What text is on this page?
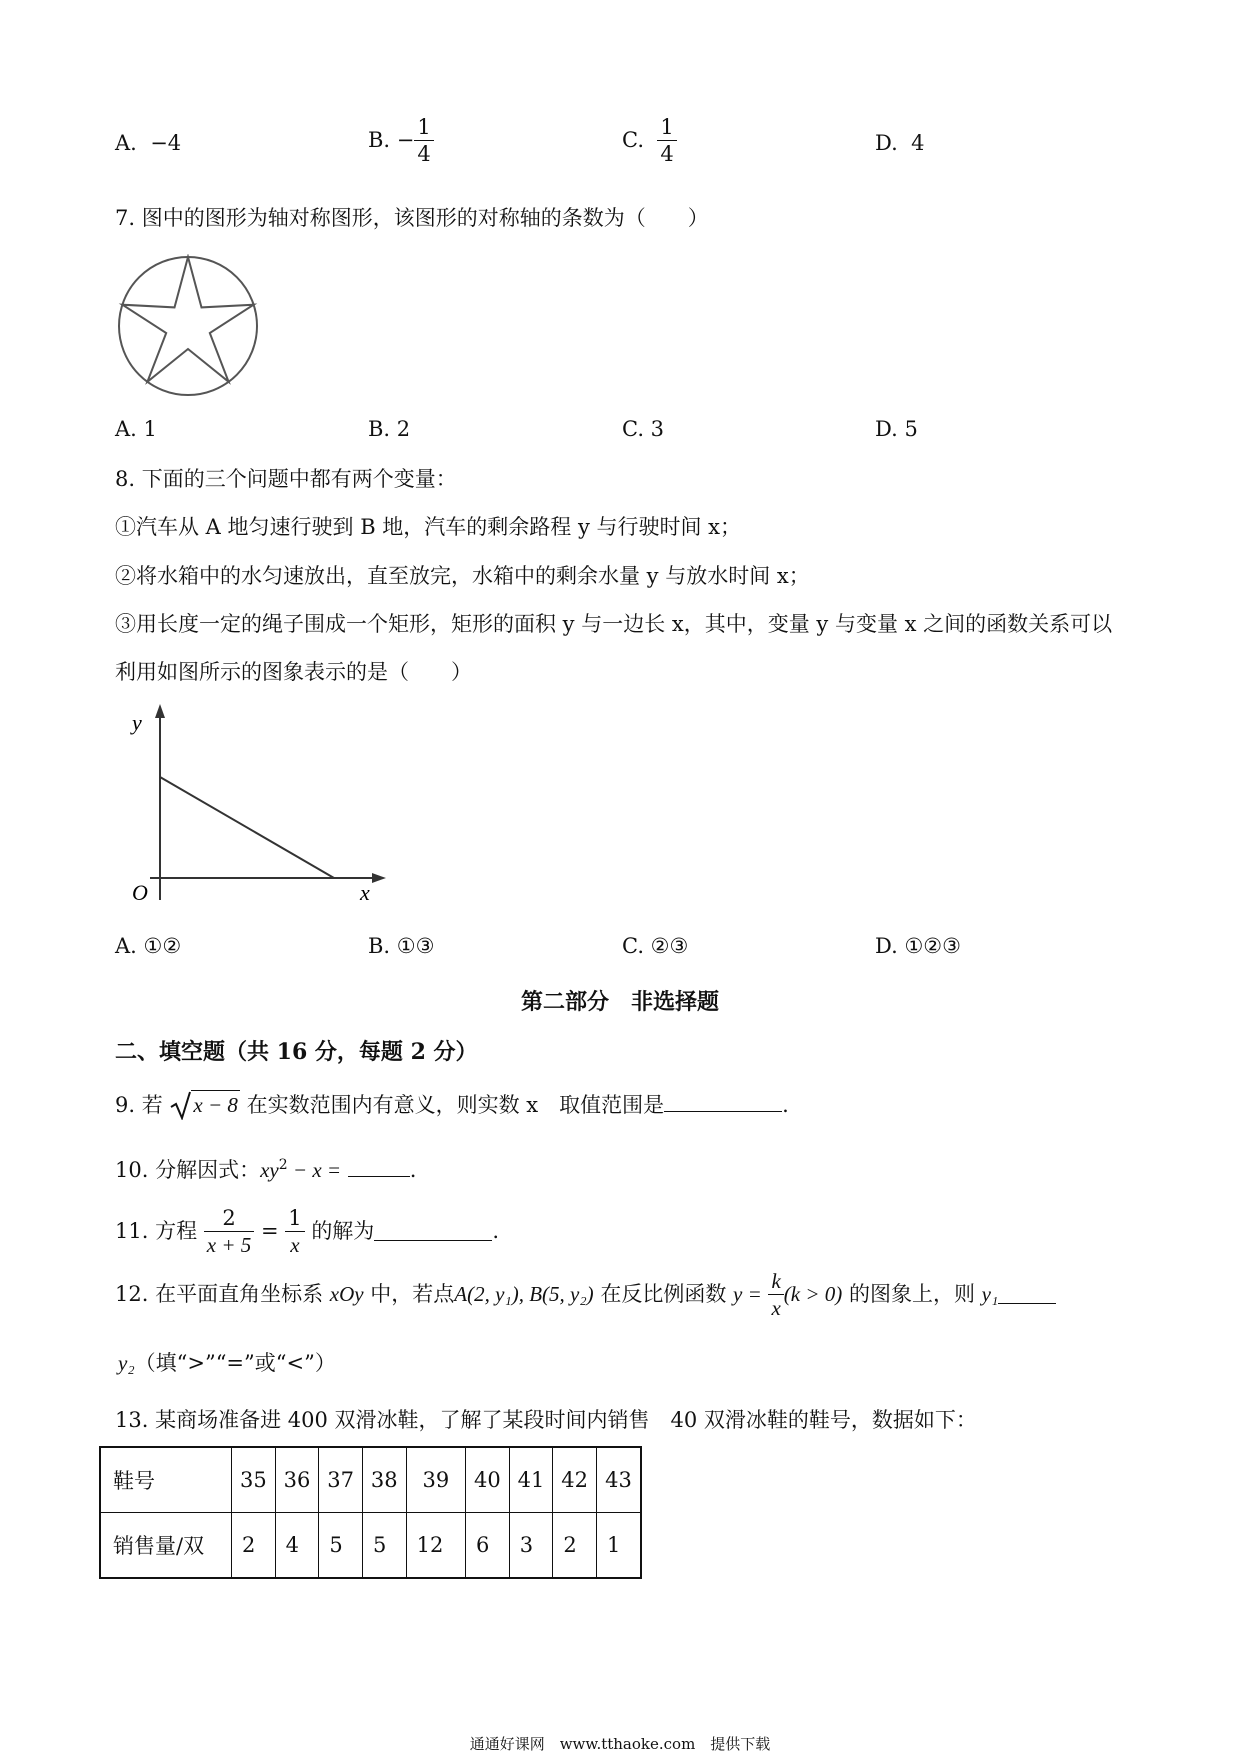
A. −4	B. − $\frac{1}{4}$	C. $\frac{1}{4}$	D. 4
7. 图中的图形为轴对称图形，该图形的对称轴的条数为（　　）
A. 1	B. 2	C. 3	D. 5
8. 下面的三个问题中都有两个变量：
①汽车从 A 地匀速行驶到 B 地，汽车的剩余路程 y 与行驶时间 x；
②将水箱中的水匀速放出，直至放完，水箱中的剩余水量 y 与放水时间 x；
③用长度一定的绳子围成一个矩形，矩形的面积 y 与一边长 x，其中，变量 y 与变量 x 之间的函数关系可以
利用如图所示的图象表示的是（　　）
y
x
O
A. ①②	B. ①③	C. ②③	D. ①②③
第二部分　非选择题
二、填空题（共 16 分，每题 2 分）
9. 若 x − 8 在实数范围内有意义，则实数 x　取值范围是	.
10. 分解因式：$xy^2 - x$ =	.
11. 方程 $\frac{2}{x + 5} = \frac{1}{x}$ 的解为	.
12. 在平面直角坐标系 xOy 中，若点A(2, y₁), B(5, y₂) 在反比例函数 $y = \frac{k}{x} (k > 0)$ 的图象上，则 y₁
y₂（填“>”“=”或“<”）
13. 某商场准备进 400 双滑冰鞋，了解了某段时间内销售　40 双滑冰鞋的鞋号，数据如下：
鞋号	35	36	37	38	39	40	41	42	43
销售量/双	2	4	5	5	12	6	3	2	1
通通好课网　www.tthaoke.com　提供下载
